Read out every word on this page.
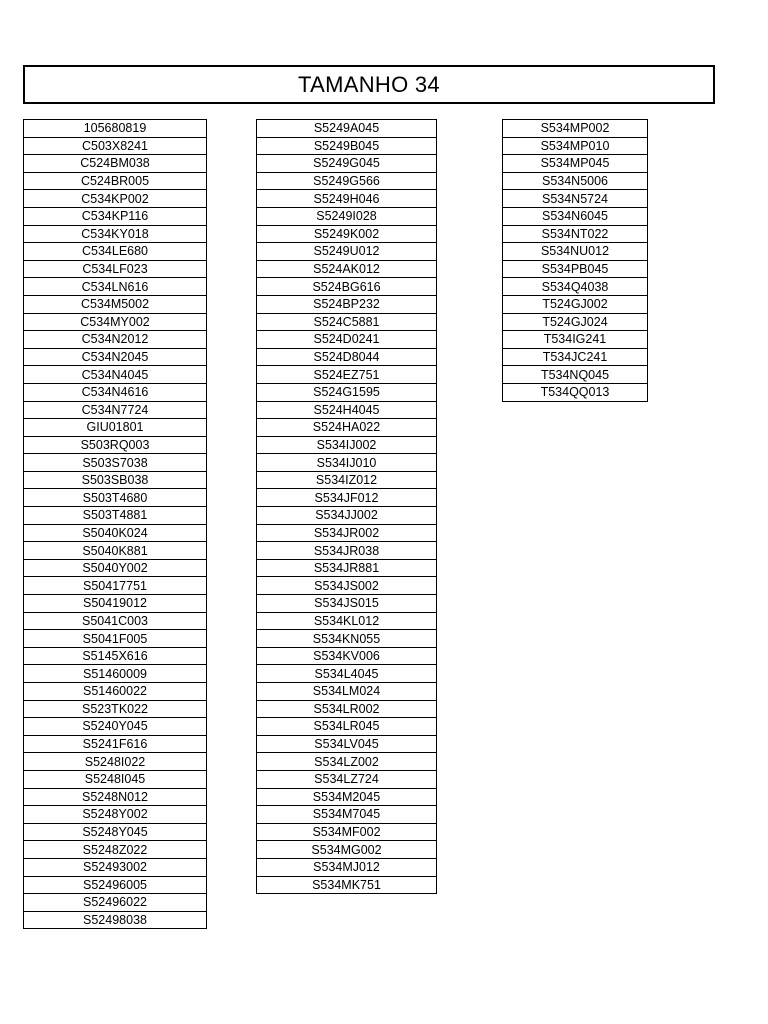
TAMANHO 34
105680819
C503X8241
C524BM038
C524BR005
C534KP002
C534KP116
C534KY018
C534LE680
C534LF023
C534LN616
C534M5002
C534MY002
C534N2012
C534N2045
C534N4045
C534N4616
C534N7724
GIU01801
S503RQ003
S503S7038
S503SB038
S503T4680
S503T4881
S5040K024
S5040K881
S5040Y002
S50417751
S50419012
S5041C003
S5041F005
S5145X616
S51460009
S51460022
S523TK022
S5240Y045
S5241F616
S5248I022
S5248I045
S5248N012
S5248Y002
S5248Y045
S5248Z022
S52493002
S52496005
S52496022
S52498038
S5249A045
S5249B045
S5249G045
S5249G566
S5249H046
S5249I028
S5249K002
S5249U012
S524AK012
S524BG616
S524BP232
S524C5881
S524D0241
S524D8044
S524EZ751
S524G1595
S524H4045
S524HA022
S534IJ002
S534IJ010
S534IZ012
S534JF012
S534JJ002
S534JR002
S534JR038
S534JR881
S534JS002
S534JS015
S534KL012
S534KN055
S534KV006
S534L4045
S534LM024
S534LR002
S534LR045
S534LV045
S534LZ002
S534LZ724
S534M2045
S534M7045
S534MF002
S534MG002
S534MJ012
S534MK751
S534MP002
S534MP010
S534MP045
S534N5006
S534N5724
S534N6045
S534NT022
S534NU012
S534PB045
S534Q4038
T524GJ002
T524GJ024
T534IG241
T534JC241
T534NQ045
T534QQ013
